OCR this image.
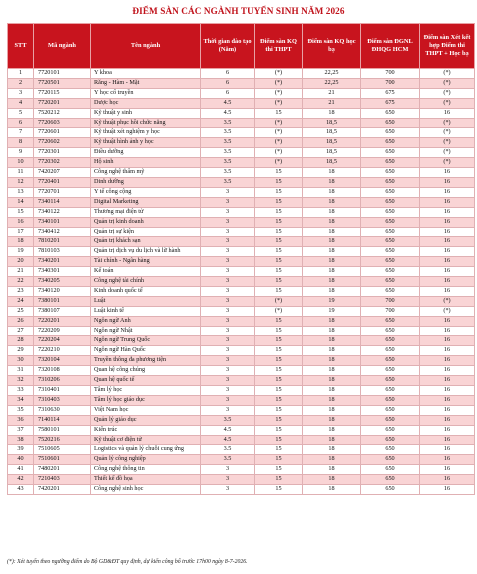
ĐIỂM SÀN CÁC NGÀNH TUYỂN SINH NĂM 2026
STT	Mã ngành	Tên ngành	Thời gian đào tạo (Năm)	Điểm sàn KQ thi THPT	Điểm sàn KQ học bạ	Điểm sàn ĐGNL ĐHQG HCM	Điểm sàn Xét kết hợp Điểm thi THPT + Học bạ
1	7720101	Y khoa	6	(*)	22,25	700	(*)
2	7720501	Răng - Hàm - Mặt	6	(*)	22,25	700	(*)
3	7720115	Y học cổ truyền	6	(*)	21	675	(*)
4	7720201	Dược học	4.5	(*)	21	675	(*)
5	7520212	Kỹ thuật y sinh	4.5	15	18	650	16
6	7720603	Kỹ thuật phục hồi chức năng	3.5	(*)	18,5	650	(*)
7	7720601	Kỹ thuật xét nghiệm y học	3.5	(*)	18,5	650	(*)
8	7720602	Kỹ thuật hình ảnh y học	3.5	(*)	18,5	650	(*)
9	7720301	Điều dưỡng	3.5	(*)	18,5	650	(*)
10	7720302	Hộ sinh	3.5	(*)	18,5	650	(*)
11	7420207	Công nghệ thẩm mỹ	3.5	15	18	650	16
12	7720401	Dinh dưỡng	3.5	15	18	650	16
13	7720701	Y tế công cộng	3	15	18	650	16
14	7340114	Digital Marketing	3	15	18	650	16
15	7340122	Thương mại điện tử	3	15	18	650	16
16	7340101	Quản trị kinh doanh	3	15	18	650	16
17	7340412	Quản trị sự kiện	3	15	18	650	16
18	7810201	Quản trị khách sạn	3	15	18	650	16
19	7810103	Quản trị dịch vụ du lịch và lữ hành	3	15	18	650	16
20	7340201	Tài chính - Ngân hàng	3	15	18	650	16
21	7340301	Kế toán	3	15	18	650	16
22	7340205	Công nghệ tài chính	3	15	18	650	16
23	7340120	Kinh doanh quốc tế	3	15	18	650	16
24	7380101	Luật	3	(*)	19	700	(*)
25	7380107	Luật kinh tế	3	(*)	19	700	(*)
26	7220201	Ngôn ngữ Anh	3	15	18	650	16
27	7220209	Ngôn ngữ Nhật	3	15	18	650	16
28	7220204	Ngôn ngữ Trung Quốc	3	15	18	650	16
29	7220210	Ngôn ngữ Hàn Quốc	3	15	18	650	16
30	7320104	Truyền thông đa phương tiện	3	15	18	650	16
31	7320108	Quan hệ công chúng	3	15	18	650	16
32	7310206	Quan hệ quốc tế	3	15	18	650	16
33	7310401	Tâm lý học	3	15	18	650	16
34	7310403	Tâm lý học giáo dục	3	15	18	650	16
35	7310630	Việt Nam học	3	15	18	650	16
36	7140114	Quản lý giáo dục	3.5	15	18	650	16
37	7580101	Kiến trúc	4.5	15	18	650	16
38	7520216	Kỹ thuật cơ điện tử	4.5	15	18	650	16
39	7510605	Logistics và quản lý chuỗi cung ứng	3.5	15	18	650	16
40	7510601	Quản lý công nghiệp	3.5	15	18	650	16
41	7480201	Công nghệ thông tin	3	15	18	650	16
42	7210403	Thiết kế đồ họa	3	15	18	650	16
43	7420201	Công nghệ sinh học	3	15	18	650	16
(*): Xét tuyển theo ngưỡng điểm do Bộ GD&ĐT quy định, dự kiến công bố trước 17h00 ngày 8-7-2026.
